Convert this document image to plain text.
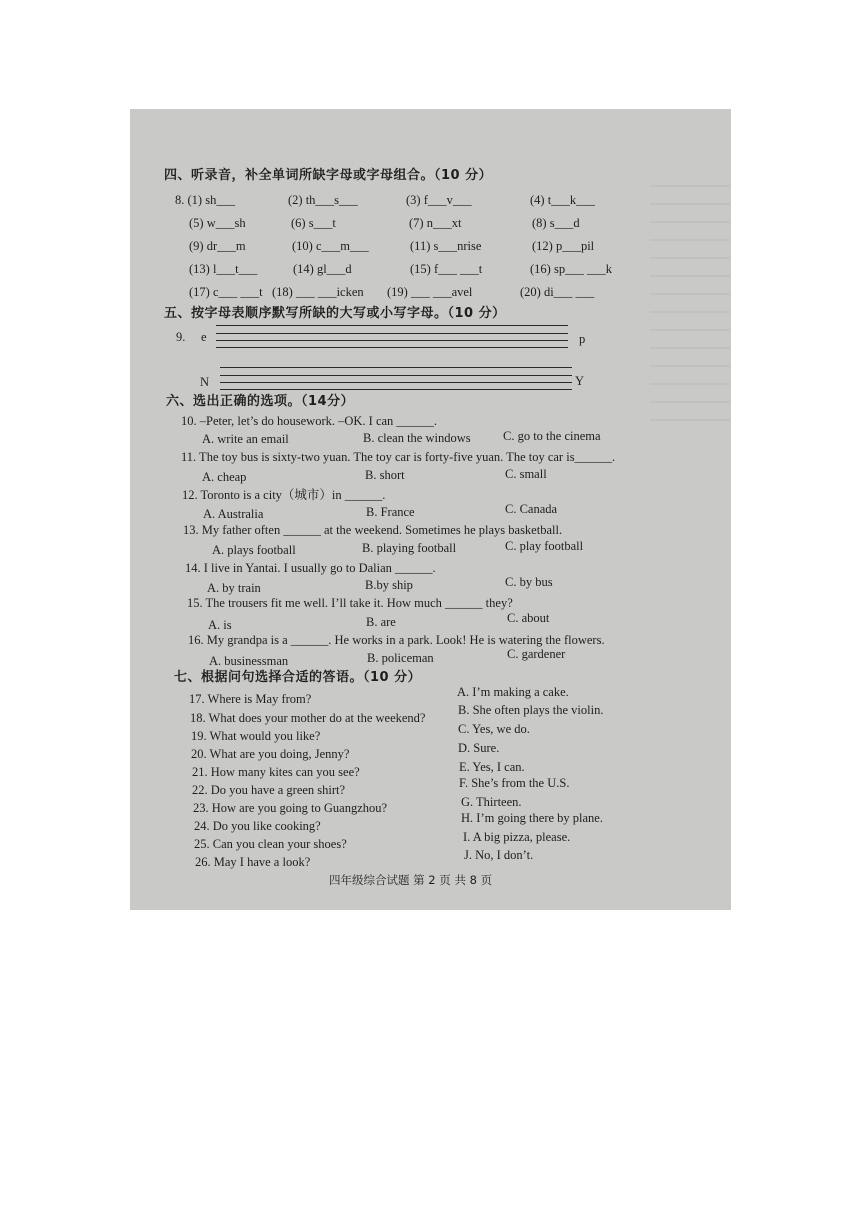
四、听录音，补全单词所缺字母或字母组合。（10 分）
8. (1) sh___	(2) th___s___	(3) f___v___	(4) t___k___
(5) w___sh	(6) s___t	(7) n___xt	(8) s___d
(9) dr___m	(10) c___m___	(11) s___nrise	(12) p___pil
(13) l___t___	(14) gl___d	(15) f___ ___t	(16) sp___ ___k
(17) c___ ___t (18) ___ ___icken (19) ___ ___avel	(20) di___ ___
五、按字母表顺序默写所缺的大写或小写字母。（10 分）
9. e	p
N	Y
六、选出正确的选项。（14分）
10. –Peter, let’s do housework. –OK. I can ______.
A. write an email	B. clean the windows	C. go to the cinema
11. The toy bus is sixty-two yuan. The toy car is forty-five yuan. The toy car is______.
A. cheap	B. short	C. small
12. Toronto is a city（城市）in ______.
A. Australia	B. France	C. Canada
13. My father often ______ at the weekend. Sometimes he plays basketball.
A. plays football	B. playing football	C. play football
14. I live in Yantai. I usually go to Dalian ______.
A. by train	B.by ship	C. by bus
15. The trousers fit me well. I’ll take it. How much ______ they?
A. is	B. are	C. about
16. My grandpa is a ______. He works in a park. Look! He is watering the flowers.
A. businessman	B. policeman	C. gardener
七、根据问句选择合适的答语。（10 分）
17. Where is May from?
18. What does your mother do at the weekend?
19. What would you like?
20. What are you doing, Jenny?
21. How many kites can you see?
22. Do you have a green shirt?
23. How are you going to Guangzhou?
24. Do you like cooking?
25. Can you clean your shoes?
26. May I have a look?
A. I’m making a cake.
B. She often plays the violin.
C. Yes, we do.
D. Sure.
E. Yes, I can.
F. She’s from the U.S.
G. Thirteen.
H. I’m going there by plane.
I. A big pizza, please.
J. No, I don’t.
四年级综合试题 第 2 页 共 8 页
